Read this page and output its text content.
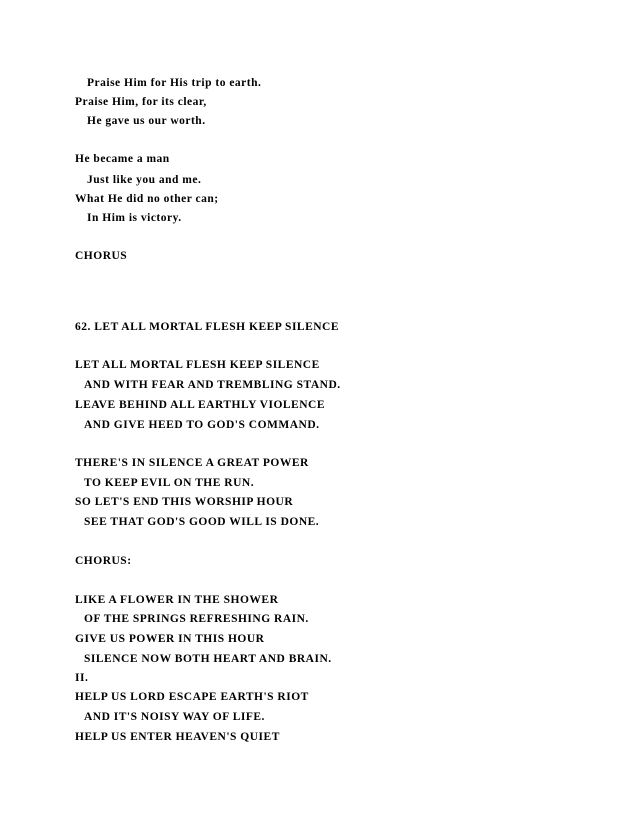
Praise Him for His trip to earth.
Praise Him, for its clear,
He gave us our worth.
He became a man
Just like you and me.
What He did no other can;
In Him is victory.
CHORUS
62. LET ALL MORTAL FLESH KEEP SILENCE
LET ALL MORTAL FLESH KEEP SILENCE
AND WITH FEAR AND TREMBLING STAND.
LEAVE BEHIND ALL EARTHLY VIOLENCE
AND GIVE HEED TO GOD'S COMMAND.
THERE'S IN SILENCE A GREAT POWER
TO KEEP EVIL ON THE RUN.
SO LET'S END THIS WORSHIP HOUR
SEE THAT GOD'S GOOD WILL IS DONE.
CHORUS:
LIKE A FLOWER IN THE SHOWER
OF THE SPRINGS REFRESHING RAIN.
GIVE US POWER IN THIS HOUR
SILENCE NOW BOTH HEART AND BRAIN.
II.
HELP US LORD ESCAPE EARTH'S RIOT
AND IT'S NOISY WAY OF LIFE.
HELP US ENTER HEAVEN'S QUIET
